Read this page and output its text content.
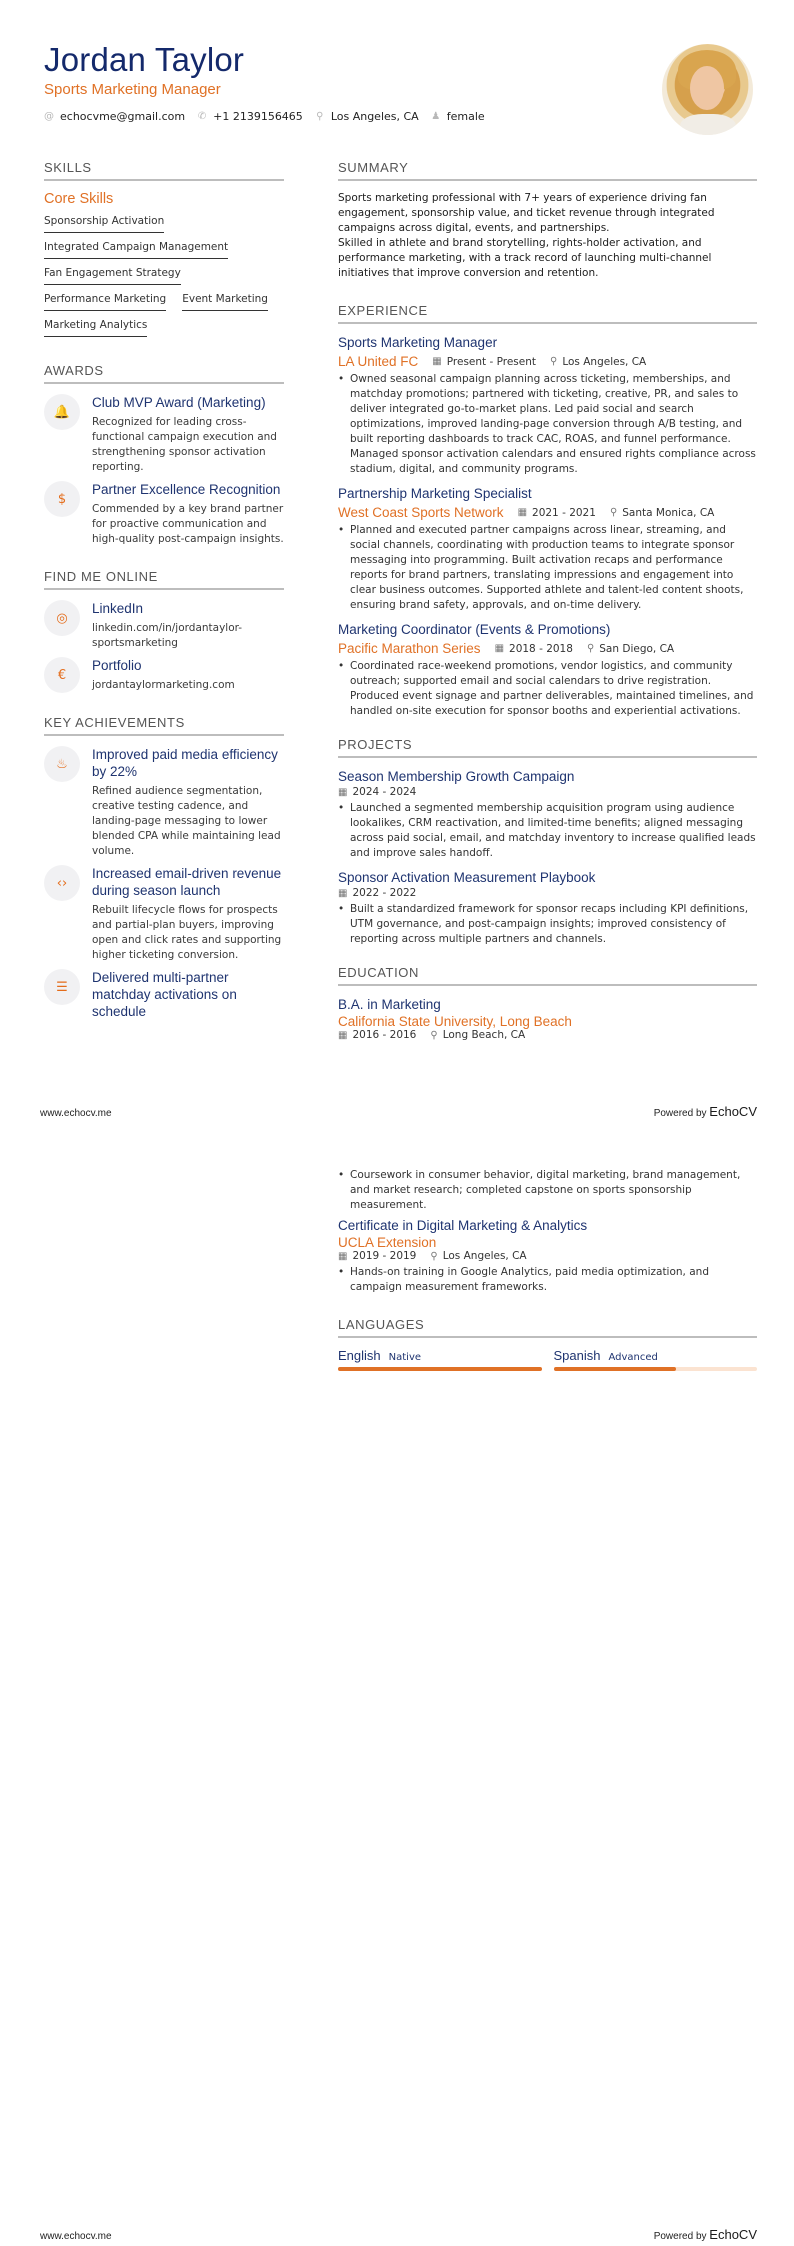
Jordan Taylor
Sports Marketing Manager
@ echocvme@gmail.com ✆ +1 2139156465 ⚲ Los Angeles, CA ♟ female
SKILLS
Core Skills
Sponsorship Activation
Integrated Campaign Management
Fan Engagement Strategy
Performance Marketing Event Marketing
Marketing Analytics
AWARDS
🔔
Club MVP Award (Marketing)
Recognized for leading cross-functional campaign execution and strengthening sponsor activation reporting.
$
Partner Excellence Recognition
Commended by a key brand partner for proactive communication and high-quality post-campaign insights.
FIND ME ONLINE
◎
LinkedIn
linkedin.com/in/jordantaylor-sportsmarketing
€
Portfolio
jordantaylormarketing.com
KEY ACHIEVEMENTS
♨
Improved paid media efficiency by 22%
Refined audience segmentation, creative testing cadence, and landing-page messaging to lower blended CPA while maintaining lead volume.
‹›
Increased email-driven revenue during season launch
Rebuilt lifecycle flows for prospects and partial-plan buyers, improving open and click rates and supporting higher ticketing conversion.
☰
Delivered multi-partner matchday activations on schedule
SUMMARY

Sports marketing professional with 7+ years of experience driving fan engagement, sponsorship value, and ticket revenue through integrated campaigns across digital, events, and partnerships.

Skilled in athlete and brand storytelling, rights-holder activation, and performance marketing, with a track record of launching multi-channel initiatives that improve conversion and retention.

EXPERIENCE
Sports Marketing Manager
LA United FC ▦ Present - Present ⚲ Los Angeles, CA
• Owned seasonal campaign planning across ticketing, memberships, and matchday promotions; partnered with ticketing, creative, PR, and sales to deliver integrated go-to-market plans. Led paid social and search optimizations, improved landing-page conversion through A/B testing, and built reporting dashboards to track CAC, ROAS, and funnel performance. Managed sponsor activation calendars and ensured rights compliance across stadium, digital, and community programs.
Partnership Marketing Specialist
West Coast Sports Network ▦ 2021 - 2021 ⚲ Santa Monica, CA
• Planned and executed partner campaigns across linear, streaming, and social channels, coordinating with production teams to integrate sponsor messaging into programming. Built activation recaps and performance reports for brand partners, translating impressions and engagement into clear business outcomes. Supported athlete and talent-led content shoots, ensuring brand safety, approvals, and on-time delivery.
Marketing Coordinator (Events & Promotions)
Pacific Marathon Series ▦ 2018 - 2018 ⚲ San Diego, CA
• Coordinated race-weekend promotions, vendor logistics, and community outreach; supported email and social calendars to drive registration. Produced event signage and partner deliverables, maintained timelines, and handled on-site execution for sponsor booths and experiential activations.
PROJECTS
Season Membership Growth Campaign
▦ 2024 - 2024
• Launched a segmented membership acquisition program using audience lookalikes, CRM reactivation, and limited-time benefits; aligned messaging across paid social, email, and matchday inventory to increase qualified leads and improve sales handoff.
Sponsor Activation Measurement Playbook
▦ 2022 - 2022
• Built a standardized framework for sponsor recaps including KPI definitions, UTM governance, and post-campaign insights; improved consistency of reporting across multiple partners and channels.
EDUCATION
B.A. in Marketing
California State University, Long Beach
▦ 2016 - 2016 ⚲ Long Beach, CA
www.echocv.me	Powered by EchoCV
• Coursework in consumer behavior, digital marketing, brand management, and market research; completed capstone on sports sponsorship measurement.
Certificate in Digital Marketing & Analytics
UCLA Extension
▦ 2019 - 2019 ⚲ Los Angeles, CA
• Hands-on training in Google Analytics, paid media optimization, and campaign measurement frameworks.
LANGUAGES
English Native	Spanish Advanced
www.echocv.me	Powered by EchoCV
